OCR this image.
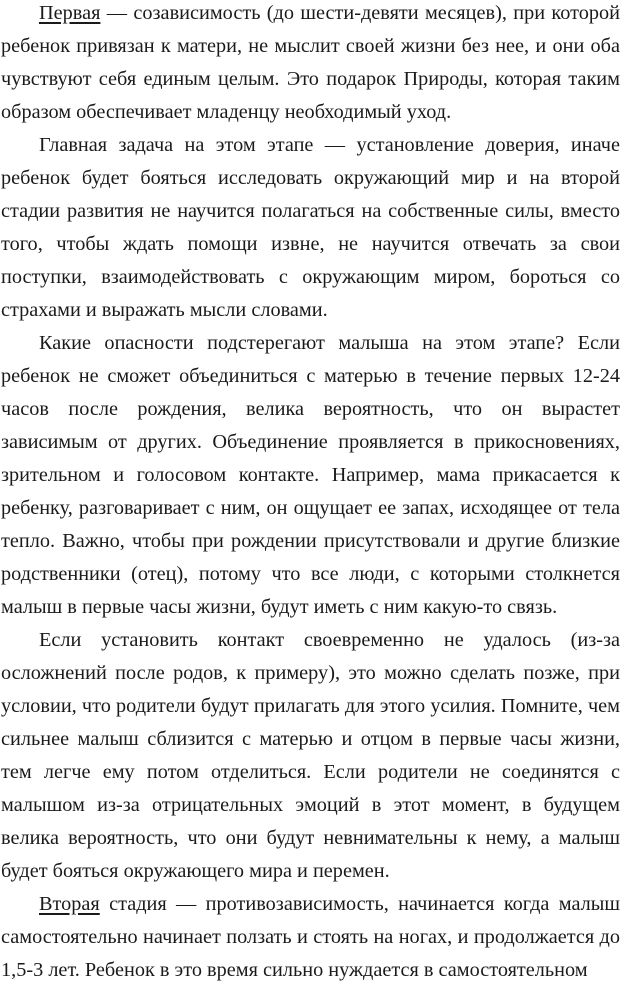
Первая — созависимость (до шести-девяти месяцев), при которой ребенок привязан к матери, не мыслит своей жизни без нее, и они оба чувствуют себя единым целым. Это подарок Природы, которая таким образом обеспечивает младенцу необходимый уход.

Главная задача на этом этапе — установление доверия, иначе ребенок будет бояться исследовать окружающий мир и на второй стадии развития не научится полагаться на собственные силы, вместо того, чтобы ждать помощи извне, не научится отвечать за свои поступки, взаимодействовать с окружающим миром, бороться со страхами и выражать мысли словами.

Какие опасности подстерегают малыша на этом этапе? Если ребенок не сможет объединиться с матерью в течение первых 12-24 часов после рождения, велика вероятность, что он вырастет зависимым от других. Объединение проявляется в прикосновениях, зрительном и голосовом контакте. Например, мама прикасается к ребенку, разговаривает с ним, он ощущает ее запах, исходящее от тела тепло. Важно, чтобы при рождении присутствовали и другие близкие родственники (отец), потому что все люди, с которыми столкнется малыш в первые часы жизни, будут иметь с ним какую-то связь.

Если установить контакт своевременно не удалось (из-за осложнений после родов, к примеру), это можно сделать позже, при условии, что родители будут прилагать для этого усилия. Помните, чем сильнее малыш сблизится с матерью и отцом в первые часы жизни, тем легче ему потом отделиться. Если родители не соединятся с малышом из-за отрицательных эмоций в этот момент, в будущем велика вероятность, что они будут невнимательны к нему, а малыш будет бояться окружающего мира и перемен.

Вторая стадия — противозависимость, начинается когда малыш самостоятельно начинает ползать и стоять на ногах, и продолжается до 1,5-3 лет. Ребенок в это время сильно нуждается в самостоятельном
